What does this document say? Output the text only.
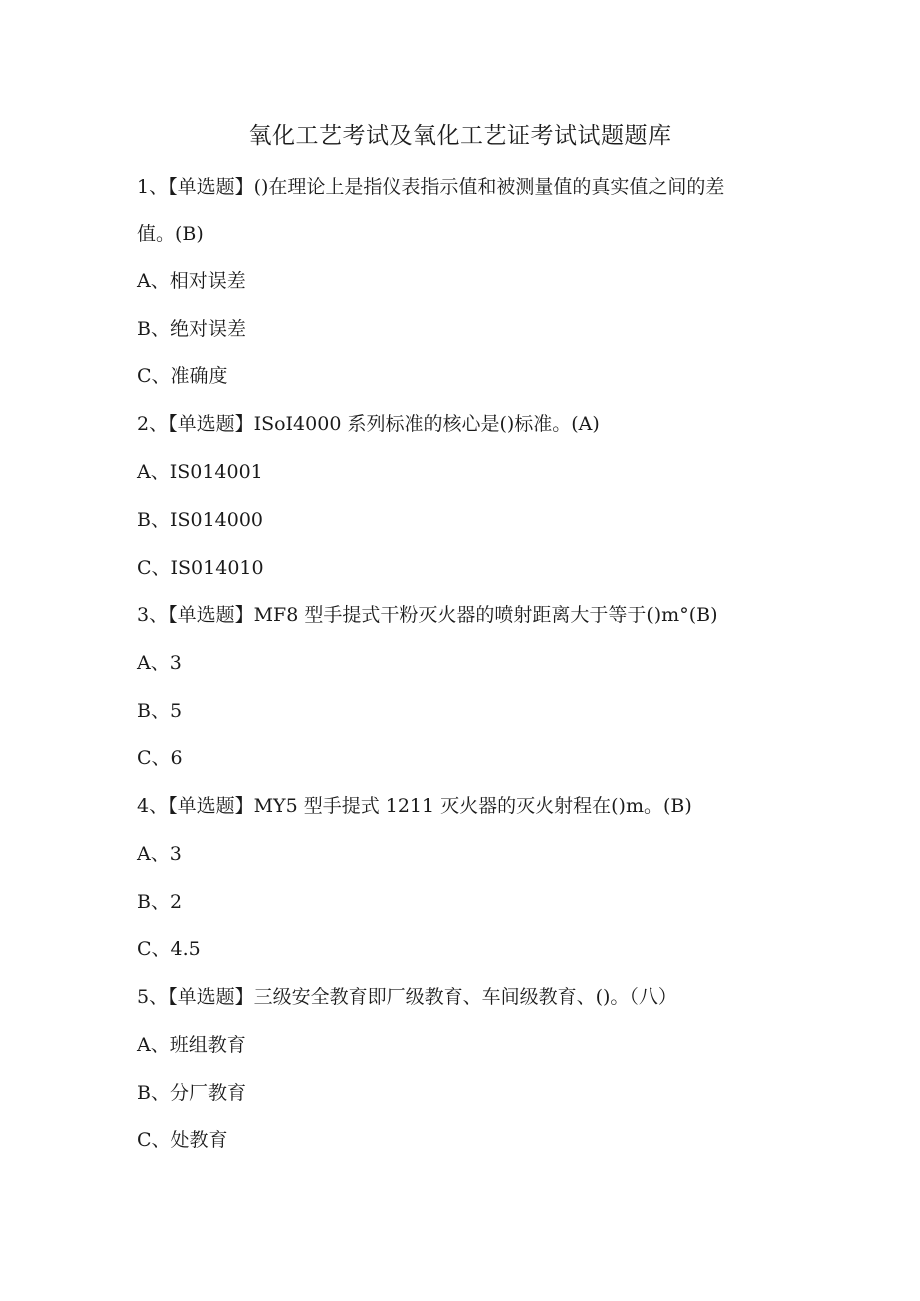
氧化工艺考试及氧化工艺证考试试题题库
1、【单选题】()在理论上是指仪表指示值和被测量值的真实值之间的差
值。(B)
A、相对误差
B、绝对误差
C、准确度
2、【单选题】ISoI4000 系列标准的核心是()标准。(A)
A、IS014001
B、IS014000
C、IS014010
3、【单选题】MF8 型手提式干粉灭火器的喷射距离大于等于()m°(B)
A、3
B、5
C、6
4、【单选题】MY5 型手提式 1211 灭火器的灭火射程在()m。(B)
A、3
B、2
C、4.5
5、【单选题】三级安全教育即厂级教育、车间级教育、()。（八）
A、班组教育
B、分厂教育
C、处教育
